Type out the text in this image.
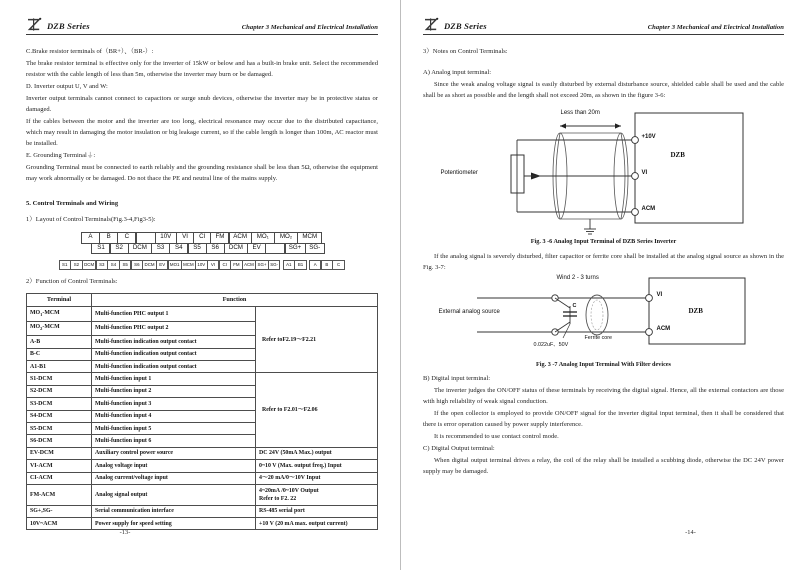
DZB Series	Chapter 3 Mechanical and Electrical Installation

C.Brake resistor terminals of（BR+）、（BR-）:

The brake resistor terminal is effective only for the inverter of 15kW or below and has a built-in brake unit. Select the recommended resistor with the cable length of less than 5m, otherwise the inverter may burn or be damaged.

D. Inverter output U, V and W:

Inverter output terminals cannot connect to capacitors or surge snub devices, otherwise the inverter may be in protective status or damaged.

If the cables between the motor and the inverter are too long, electrical resonance may occur due to the distributed capacitance, which may result in damaging the motor insulation or big leakage current, so if the cable length is longer than 100m, AC reactor must be installed.

E. Grounding Terminal⏚:

Grounding Terminal must be connected to earth reliably and the grounding resistance shall be less than 5Ω, otherwise the equipment may work abnormally or be damaged. Do not thace the PE and neutral line of the mains supply.

5. Control Terminals and Wiring

1）Layout of Control Terminals(Fig.3-4,Fig3-5):

A	B	C
	10V	VI	CI	FM	ACM	MO₁	MO₂	MCM
S1	S2	DCM	S3	S4	S5	S6	DCM	EV
	SG+	SG-
S1	S2	DCM	S3	S4	S5	S6	DCM	EV	MO1 MCM 10V	VI	CI	FM	ACM SG+ SG-	A1	B1	A	B	C

2）Function of Control Terminals:

Terminal	Function	
$MO_1$-MCM	Multi-function PHC output 1	Refer toF2.19～F2.21
$MO_2$-MCM	Multi-function PHC output 2	
A-B	Multi-function indication output contact	
B-C	Multi-function indication output contact	
A1-B1	Multi-function indication output contact	
S1-DCM	Multi-function input 1	Refer to F2.01～F2.06
S2-DCM	Multi-function input 2	
S3-DCM	Multi-function input 3	
S4-DCM	Multi-function input 4	
S5-DCM	Multi-function input 5	
S6-DCM	Multi-function input 6	
EV-DCM	Auxiliary control power source	DC 24V (50mA Max.) output
VI-ACM	Analog voltage input	0~10 V (Max. output freq.) Input
CI-ACM	Analog current/voltage input	4～20 mA/0～10V Input
FM-ACM	Analog signal output	4~20mA /0~10V Output
Refer to F2. 22
SG+,SG-	Serial communication interface	RS-485 serial port
10V~ACM	Power supply for speed setting	+10 V (20 mA max. output current)
-13-
DZB Series	Chapter 3 Mechanical and Electrical Installation

3）Notes on Control Terminals:

A) Analog input terminal:

Since the weak analog voltage signal is easily disturbed by external disturbance source, shielded cable shall be used and the cable shall be as short as possible and the length shall not exceed 20m, as shown in the figure 3-6:

Less than 20m
Potentiometer
DZB
+10V
VI
ACM
Fig. 3 -6 Analog Input Terminal of DZB Series Inverter

If the analog signal is severely disturbed, filter capacitor or ferrite core shall be installed at the analog signal source as shown in the Fig. 3-7:

Wind 2 - 3 turns
External analog source
C
0.022uF、50V
Ferrite core
DZB
VI
ACM
Fig. 3 -7 Analog Input Terminal With Filter devices

B) Digital input terminal:

The inverter judges the ON/OFF status of these terminals by receiving the digital signal. Hence, all the external contactors are those with high reliability of weak signal conduction.

If the open collector is employed to provide ON/OFF signal for the inverter digital input terminal, then it shall be considered that there is error operation caused by power supply interference.

It is recommended to use contact control mode.

C) Digital Output terminal:

When digital output terminal drives a relay, the coil of the relay shall be installed a scubbing diode, otherwise the DC 24V power supply may be damaged.

-14-
